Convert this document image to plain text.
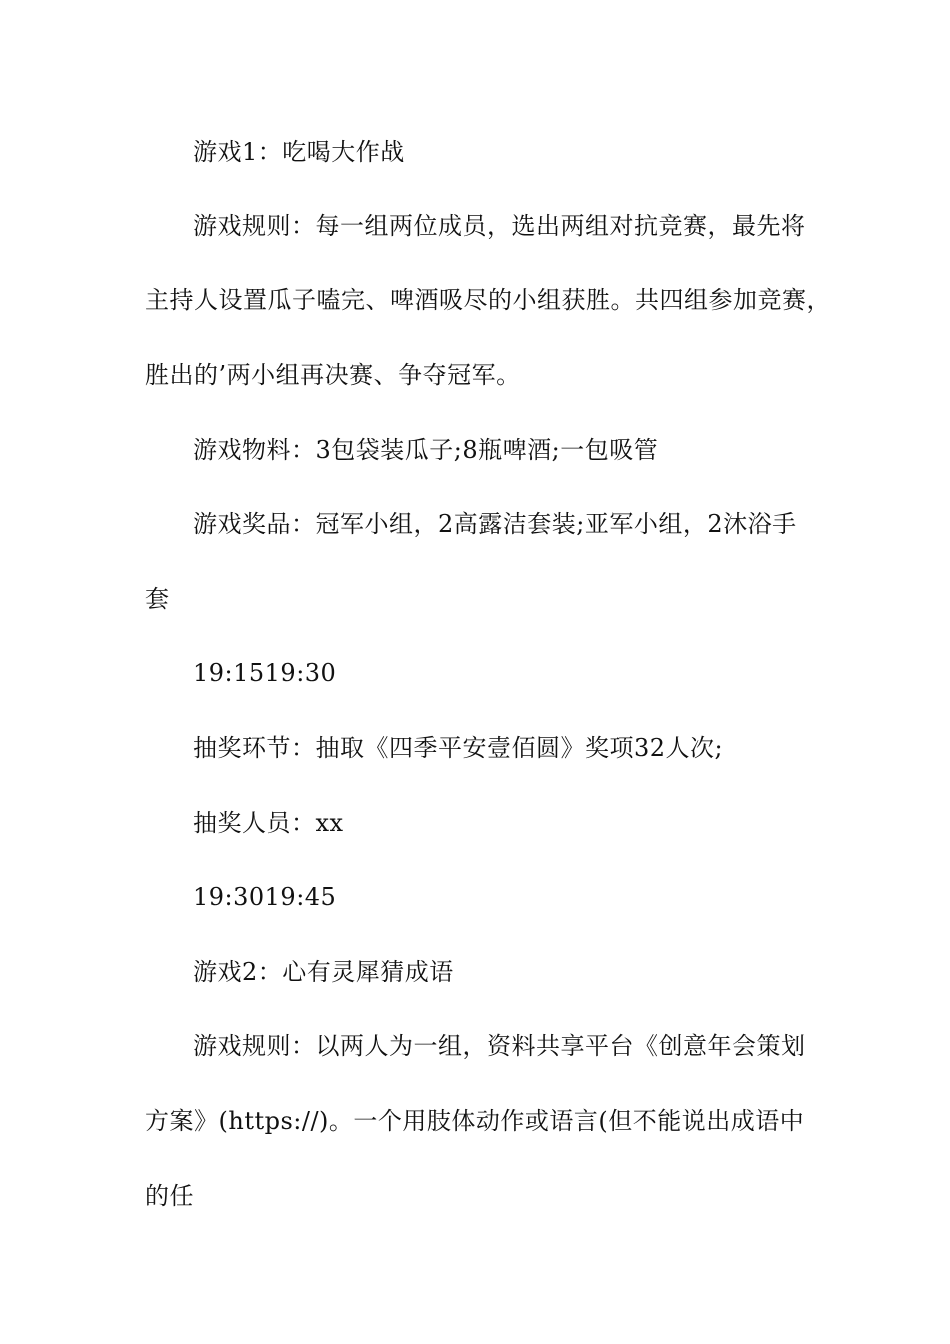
游戏1：吃喝大作战
游戏规则：每一组两位成员，选出两组对抗竞赛，最先将
主持人设置瓜子嗑完、啤酒吸尽的小组获胜。共四组参加竞赛，
胜出的’两小组再决赛、争夺冠军。
游戏物料：3包袋装瓜子;8瓶啤酒;一包吸管
游戏奖品：冠军小组，2高露洁套装;亚军小组，2沐浴手
套
19:1519:30
抽奖环节：抽取《四季平安壹佰圆》奖项32人次;
抽奖人员：xx
19:3019:45
游戏2：心有灵犀猜成语
游戏规则：以两人为一组，资料共享平台《创意年会策划
方案》(https://)。一个用肢体动作或语言(但不能说出成语中
的任
